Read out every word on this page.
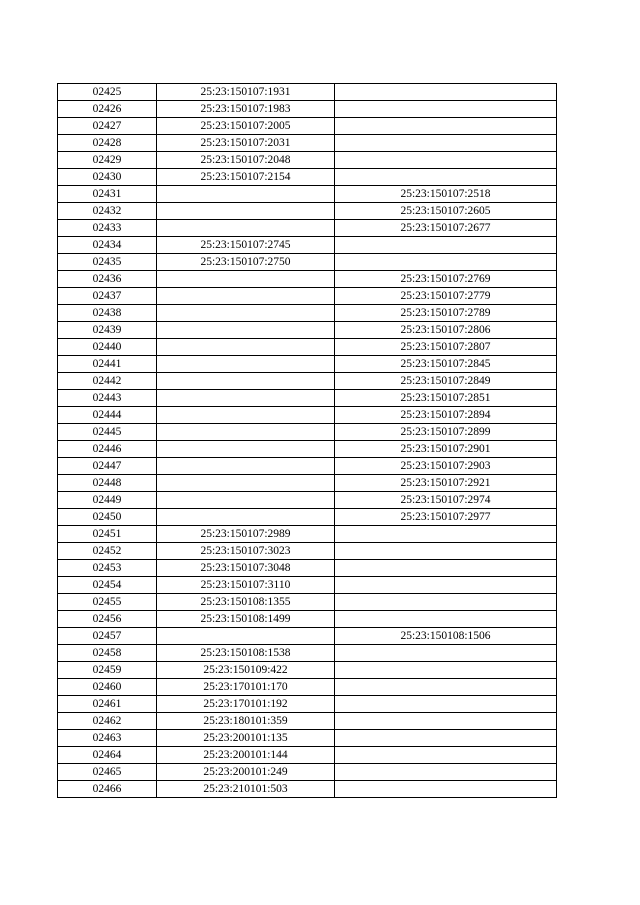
02425	25:23:150107:1931	
02426	25:23:150107:1983	
02427	25:23:150107:2005	
02428	25:23:150107:2031	
02429	25:23:150107:2048	
02430	25:23:150107:2154	
02431		25:23:150107:2518
02432		25:23:150107:2605
02433		25:23:150107:2677
02434	25:23:150107:2745	
02435	25:23:150107:2750	
02436		25:23:150107:2769
02437		25:23:150107:2779
02438		25:23:150107:2789
02439		25:23:150107:2806
02440		25:23:150107:2807
02441		25:23:150107:2845
02442		25:23:150107:2849
02443		25:23:150107:2851
02444		25:23:150107:2894
02445		25:23:150107:2899
02446		25:23:150107:2901
02447		25:23:150107:2903
02448		25:23:150107:2921
02449		25:23:150107:2974
02450		25:23:150107:2977
02451	25:23:150107:2989	
02452	25:23:150107:3023	
02453	25:23:150107:3048	
02454	25:23:150107:3110	
02455	25:23:150108:1355	
02456	25:23:150108:1499	
02457		25:23:150108:1506
02458	25:23:150108:1538	
02459	25:23:150109:422	
02460	25:23:170101:170	
02461	25:23:170101:192	
02462	25:23:180101:359	
02463	25:23:200101:135	
02464	25:23:200101:144	
02465	25:23:200101:249	
02466	25:23:210101:503	
